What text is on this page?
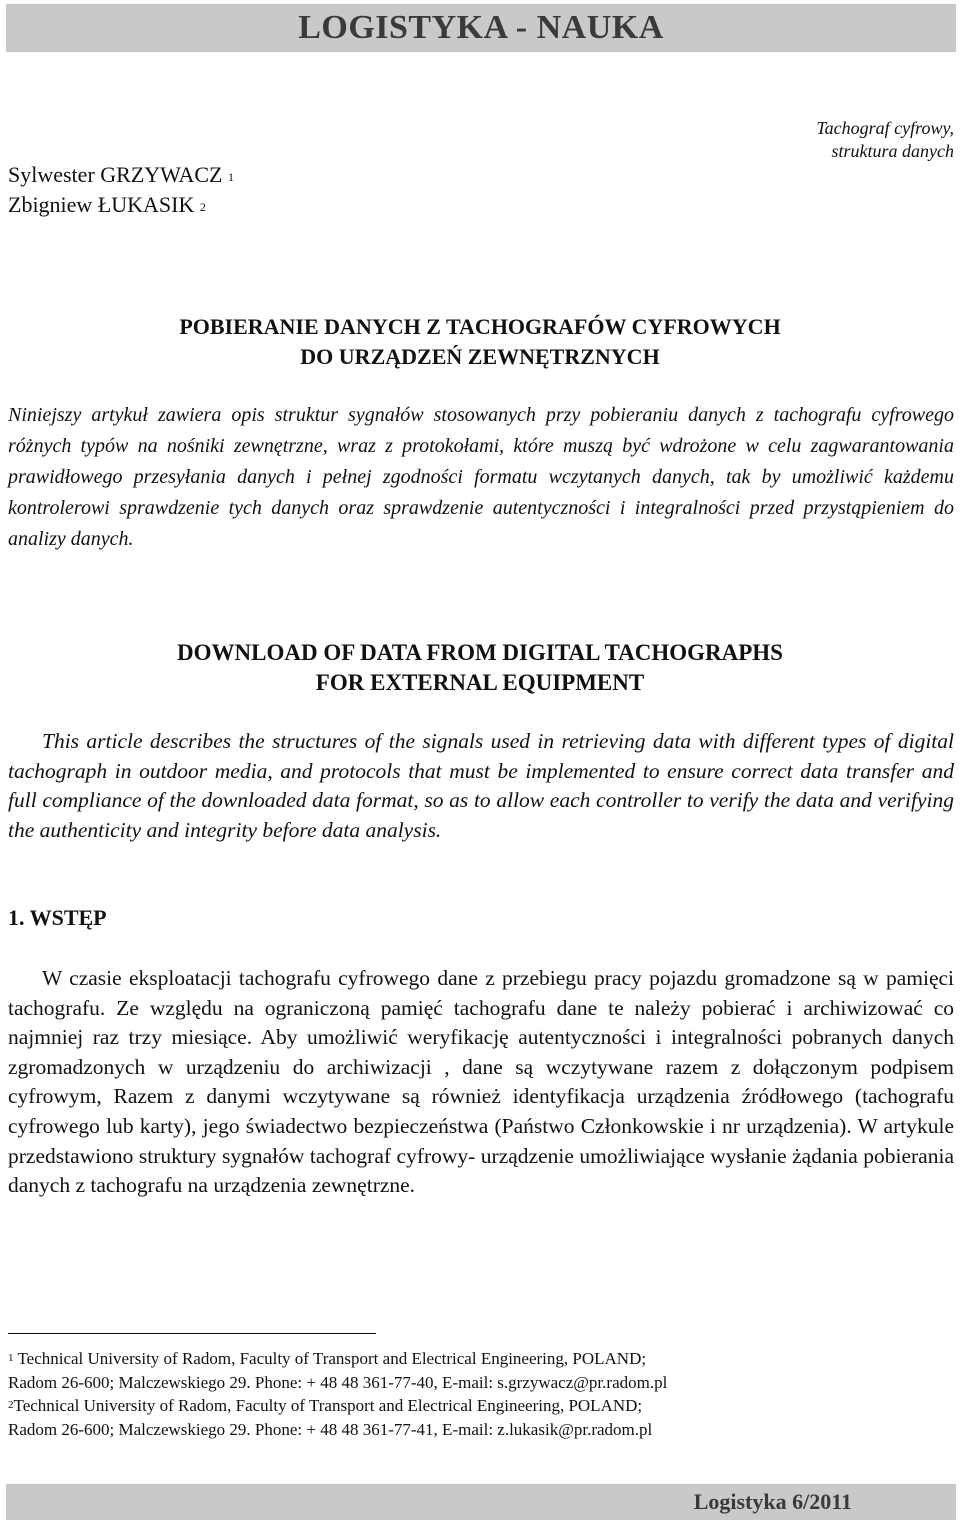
LOGISTYKA - NAUKA
Tachograf cyfrowy,
struktura danych
Sylwester GRZYWACZ $^1$
Zbigniew ŁUKASIK $^2$
POBIERANIE DANYCH Z TACHOGRAFÓW CYFROWYCH
DO URZĄDZEŃ ZEWNĘTRZNYCH
Niniejszy artykuł zawiera opis struktur sygnałów stosowanych przy pobieraniu danych z tachografu cyfrowego różnych typów na nośniki zewnętrzne, wraz z protokołami, które muszą być wdrożone w celu zagwarantowania prawidłowego przesyłania danych i pełnej zgodności formatu wczytanych danych, tak by umożliwić każdemu kontrolerowi sprawdzenie tych danych oraz sprawdzenie autentyczności i integralności przed przystąpieniem do analizy danych.
DOWNLOAD OF DATA FROM DIGITAL TACHOGRAPHS
FOR EXTERNAL EQUIPMENT
This article describes the structures of the signals used in retrieving data with different types of digital tachograph in outdoor media, and protocols that must be implemented to ensure correct data transfer and full compliance of the downloaded data format, so as to allow each controller to verify the data and verifying the authenticity and integrity before data analysis.
1. WSTĘP
W czasie eksploatacji tachografu cyfrowego dane z przebiegu pracy pojazdu gromadzone są w pamięci tachografu. Ze względu na ograniczoną pamięć tachografu dane te należy pobierać i archiwizować co najmniej raz trzy miesiące. Aby umożliwić weryfikację autentyczności i integralności pobranych danych zgromadzonych w urządzeniu do archiwizacji , dane są wczytywane razem z dołączonym podpisem cyfrowym, Razem z danymi wczytywane są również identyfikacja urządzenia źródłowego (tachografu cyfrowego lub karty), jego świadectwo bezpieczeństwa (Państwo Członkowskie i nr urządzenia). W artykule przedstawiono struktury sygnałów tachograf cyfrowy- urządzenie umożliwiające wysłanie żądania pobierania danych z tachografu na urządzenia zewnętrzne.
$^1$ Technical University of Radom, Faculty of Transport and Electrical Engineering, POLAND;
Radom 26-600; Malczewskiego 29. Phone: + 48 48 361-77-40, E-mail: s.grzywacz@pr.radom.pl
$^2$Technical University of Radom, Faculty of Transport and Electrical Engineering, POLAND;
Radom 26-600; Malczewskiego 29. Phone: + 48 48 361-77-41, E-mail: z.lukasik@pr.radom.pl
Logistyka 6/2011
